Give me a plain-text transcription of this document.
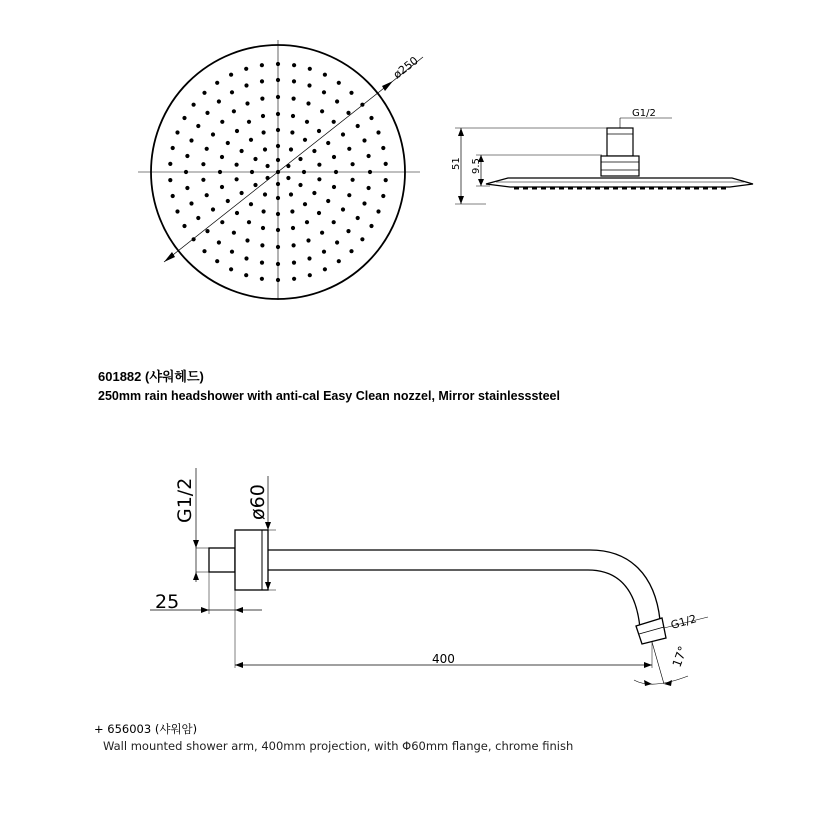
ø250
G1/2
51 9.5
G1/2	ø60
25
400
G1/2
17°
601882 (샤워헤드)
250mm rain headshower with anti-cal Easy Clean nozzel, Mirror stainlesssteel
+ 656003 (샤워암)
Wall mounted shower arm, 400mm projection, with Φ60mm flange, chrome finish
